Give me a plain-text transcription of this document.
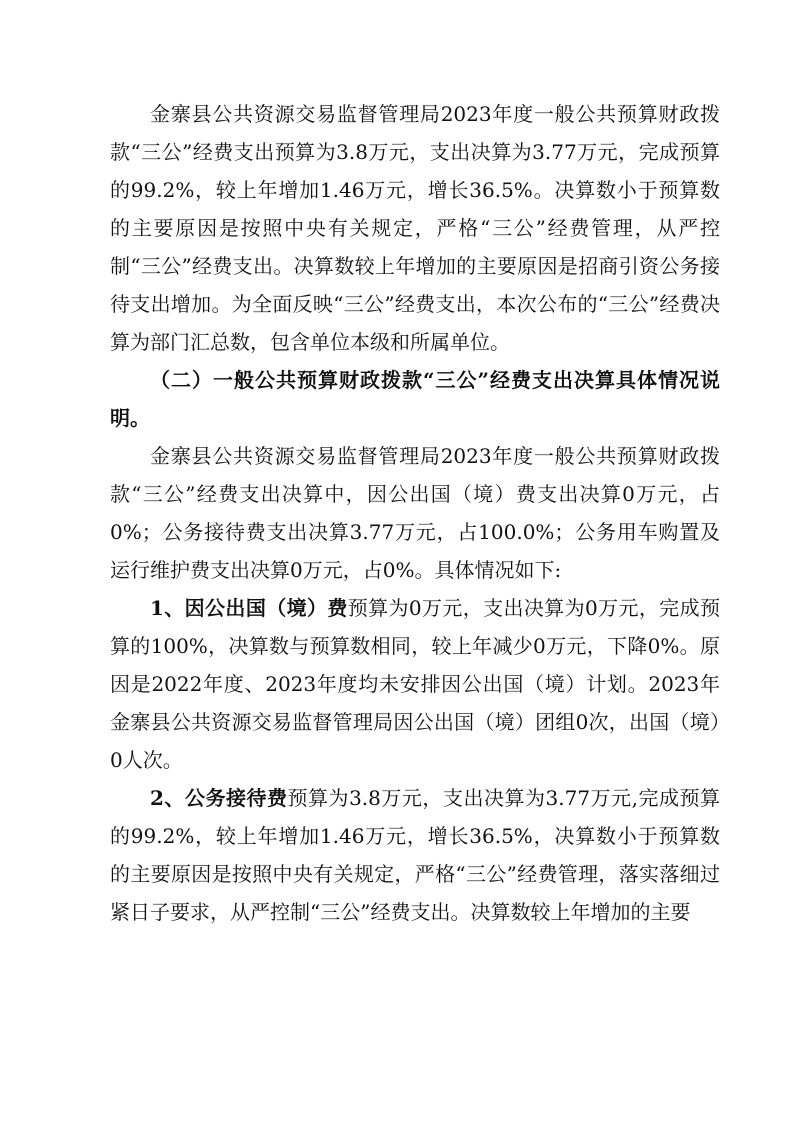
金寨县公共资源交易监督管理局2023年度一般公共预算财政拨款“三公”经费支出预算为3.8万元，支出决算为3.77万元，完成预算的99.2%，较上年增加1.46万元，增长36.5%。决算数小于预算数的主要原因是按照中央有关规定，严格“三公”经费管理，从严控制“三公”经费支出。决算数较上年增加的主要原因是招商引资公务接待支出增加。为全面反映“三公”经费支出，本次公布的“三公”经费决算为部门汇总数，包含单位本级和所属单位。

（二）一般公共预算财政拨款“三公”经费支出决算具体情况说明。

金寨县公共资源交易监督管理局2023年度一般公共预算财政拨款“三公”经费支出决算中，因公出国（境）费支出决算0万元，占0%；公务接待费支出决算3.77万元，占100.0%；公务用车购置及运行维护费支出决算0万元，占0%。具体情况如下:

1、因公出国（境）费预算为0万元，支出决算为0万元，完成预算的100%，决算数与预算数相同，较上年减少0万元，下降0%。原因是2022年度、2023年度均未安排因公出国（境）计划。2023年金寨县公共资源交易监督管理局因公出国（境）团组0次，出国（境）0人次。

2、公务接待费预算为3.8万元，支出决算为3.77万元,完成预算的99.2%，较上年增加1.46万元，增长36.5%，决算数小于预算数的主要原因是按照中央有关规定，严格“三公”经费管理，落实落细过紧日子要求，从严控制“三公”经费支出。决算数较上年增加的主要
